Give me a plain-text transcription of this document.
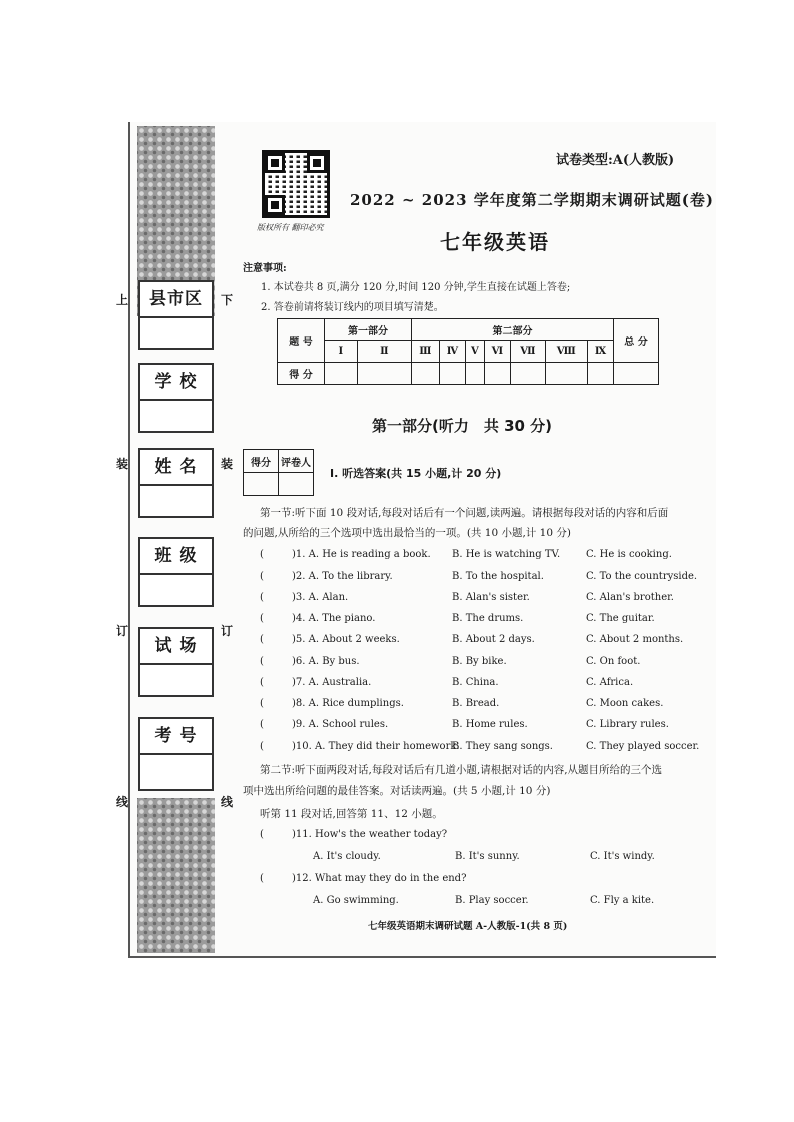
上	下
装	装
订	订
线	线
县市区
学 校
姓 名
班 级
试 场
考 号
版权所有 翻印必究
试卷类型:A(人教版)
2022 ~ 2023 学年度第二学期期末调研试题(卷)
七年级英语
注意事项:
1. 本试卷共 8 页,满分 120 分,时间 120 分钟,学生直接在试题上答卷;
2. 答卷前请将装订线内的项目填写清楚。
题 号	第一部分		第二部分							总 分
	Ⅰ	Ⅱ	Ⅲ	Ⅳ	Ⅴ	Ⅵ	Ⅶ	Ⅷ	Ⅸ	
得 分										
第一部分(听力　共 30 分)
得分	评卷人

Ⅰ. 听选答案(共 15 小题,计 20 分)
第一节:听下面 10 段对话,每段对话后有一个问题,读两遍。请根据每段对话的内容和后面
的问题,从所给的三个选项中选出最恰当的一项。(共 10 小题,计 10 分)
(	)1. A. He is reading a book. B. He is watching TV.	C. He is cooking.
(	)2. A. To the library.	B. To the hospital.	C. To the countryside.
(	)3. A. Alan.	B. Alan's sister.	C. Alan's brother.
(	)4. A. The piano.	B. The drums.	C. The guitar.
(	)5. A. About 2 weeks.	B. About 2 days.	C. About 2 months.
(	)6. A. By bus.	B. By bike.	C. On foot.
(	)7. A. Australia.	B. China.	C. Africa.
(	)8. A. Rice dumplings.	B. Bread.	C. Moon cakes.
(	)9. A. School rules.	B. Home rules.	C. Library rules.
(	)10. A. They did their homework.
B. They sang songs.	C. They played soccer.
第二节:听下面两段对话,每段对话后有几道小题,请根据对话的内容,从题目所给的三个选
项中选出所给问题的最佳答案。对话读两遍。(共 5 小题,计 10 分)
听第 11 段对话,回答第 11、12 小题。
(	)11. How's the weather today?
A. It's cloudy.	B. It's sunny.	C. It's windy.
(	)12. What may they do in the end?
A. Go swimming.	B. Play soccer.	C. Fly a kite.
七年级英语期末调研试题 A-人教版-1(共 8 页)
